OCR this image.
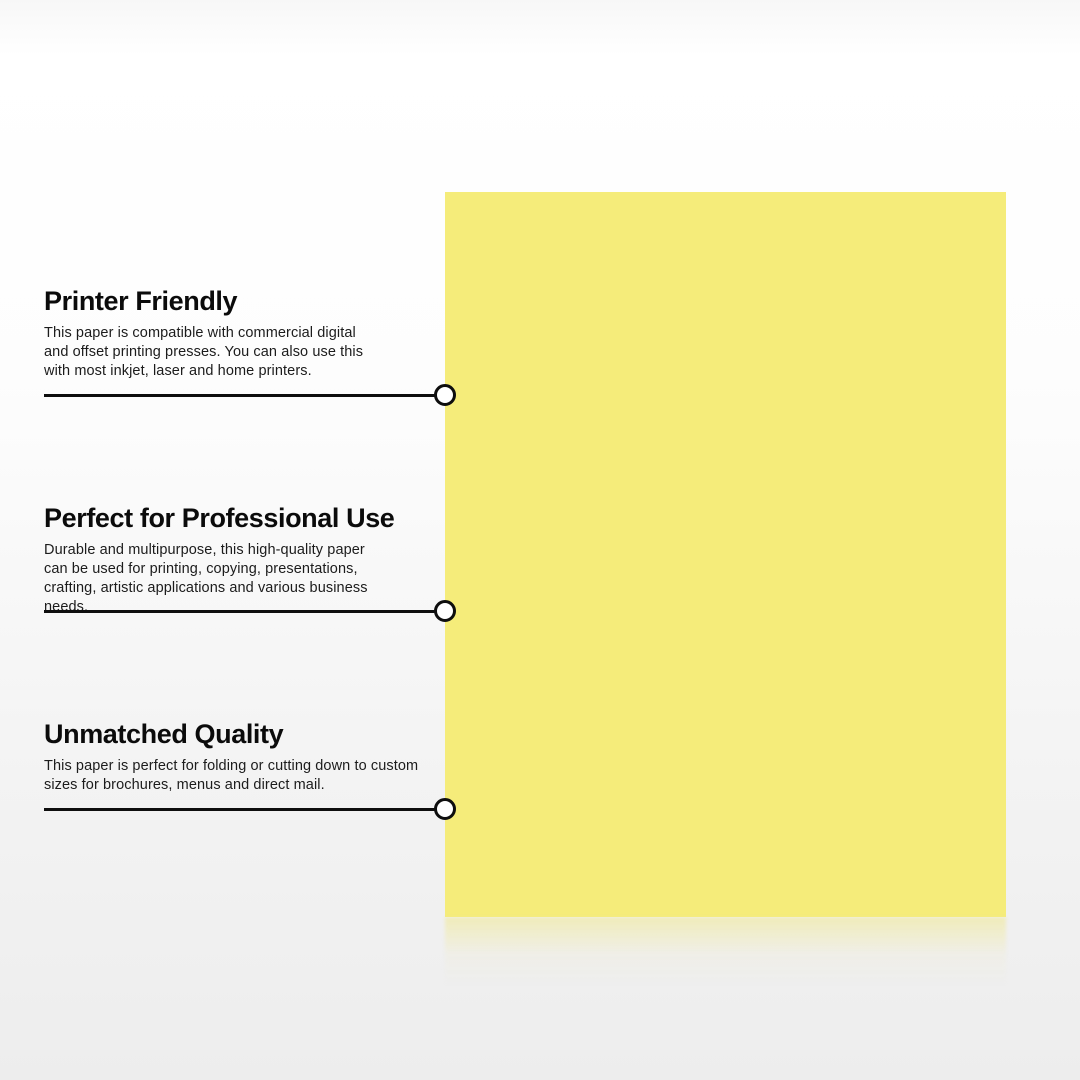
Printer Friendly

This paper is compatible with commercial digital and offset printing presses. You can also use this with most inkjet, laser and home printers.

Perfect for Professional Use

Durable and multipurpose, this high-quality paper can be used for printing, copying, presentations, crafting, artistic applications and various business needs.

Unmatched Quality

This paper is perfect for folding or cutting down to custom sizes for brochures, menus and direct mail.
